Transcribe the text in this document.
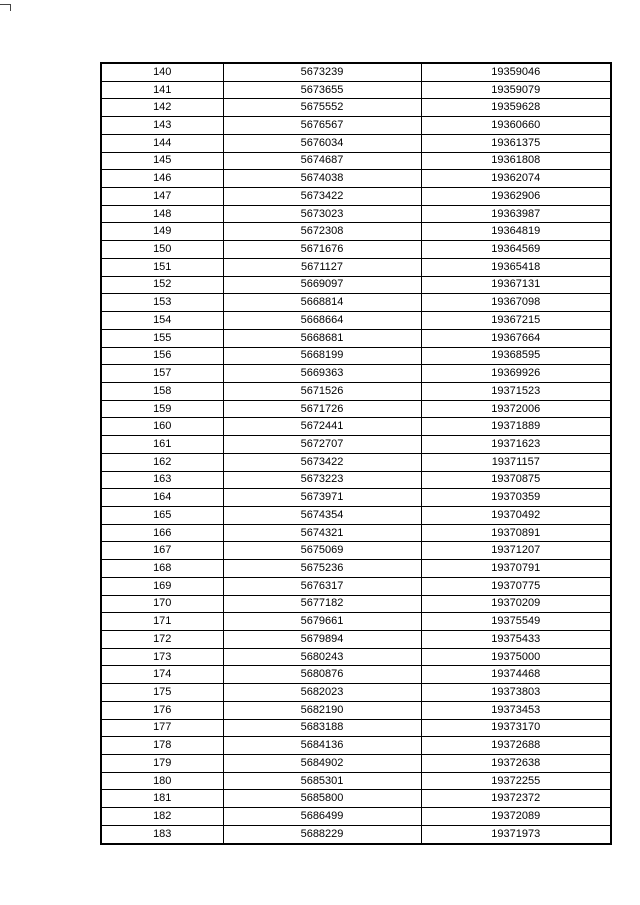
140	5673239	19359046
141	5673655	19359079
142	5675552	19359628
143	5676567	19360660
144	5676034	19361375
145	5674687	19361808
146	5674038	19362074
147	5673422	19362906
148	5673023	19363987
149	5672308	19364819
150	5671676	19364569
151	5671127	19365418
152	5669097	19367131
153	5668814	19367098
154	5668664	19367215
155	5668681	19367664
156	5668199	19368595
157	5669363	19369926
158	5671526	19371523
159	5671726	19372006
160	5672441	19371889
161	5672707	19371623
162	5673422	19371157
163	5673223	19370875
164	5673971	19370359
165	5674354	19370492
166	5674321	19370891
167	5675069	19371207
168	5675236	19370791
169	5676317	19370775
170	5677182	19370209
171	5679661	19375549
172	5679894	19375433
173	5680243	19375000
174	5680876	19374468
175	5682023	19373803
176	5682190	19373453
177	5683188	19373170
178	5684136	19372688
179	5684902	19372638
180	5685301	19372255
181	5685800	19372372
182	5686499	19372089
183	5688229	19371973
